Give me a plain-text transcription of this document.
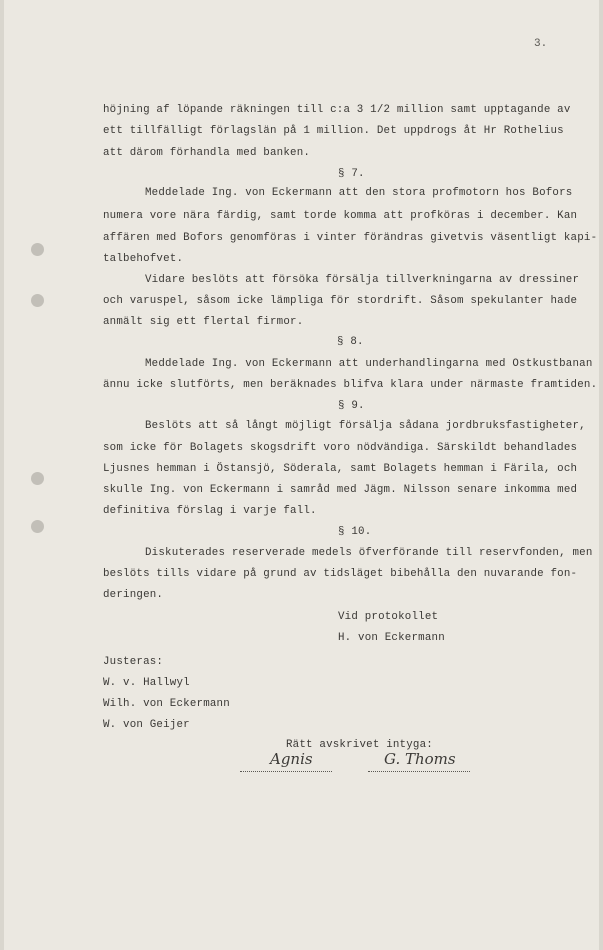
3.
höjning af löpande räkningen till c:a 3 1/2 million samt upptagande av
ett tillfälligt förlagslän på 1 million. Det uppdrogs åt Hr Rothelius
att därom förhandla med banken.
§ 7.
Meddelade Ing. von Eckermann att den stora profmotorn hos Bofors
numera vore nära färdig, samt torde komma att profköras i december. Kan
affären med Bofors genomföras i vinter förändras givetvis väsentligt kapi-
talbehofvet.
Vidare beslöts att försöka försälja tillverkningarna av dressiner
och varuspel, såsom icke lämpliga för stordrift. Såsom spekulanter hade
anmält sig ett flertal firmor.
§ 8.
Meddelade Ing. von Eckermann att underhandlingarna med Ostkustbanan
ännu icke slutförts, men beräknades blifva klara under närmaste framtiden.
§ 9.
Beslöts att så långt möjligt försälja sådana jordbruksfastigheter,
som icke för Bolagets skogsdrift voro nödvändiga. Särskildt behandlades
Ljusnes hemman i Östansjö, Söderala, samt Bolagets hemman i Färila, och
skulle Ing. von Eckermann i samråd med Jägm. Nilsson senare inkomma med
definitiva förslag i varje fall.
§ 10.
Diskuterades reserverade medels öfverförande till reservfonden, men
beslöts tills vidare på grund av tidsläget bibehålla den nuvarande fon-
deringen.
Vid protokollet
H. von Eckermann
Justeras:
W. v. Hallwyl
Wilh. von Eckermann
W. von Geijer
Rätt avskrivet intyga:
Agnis	G. Thoms
